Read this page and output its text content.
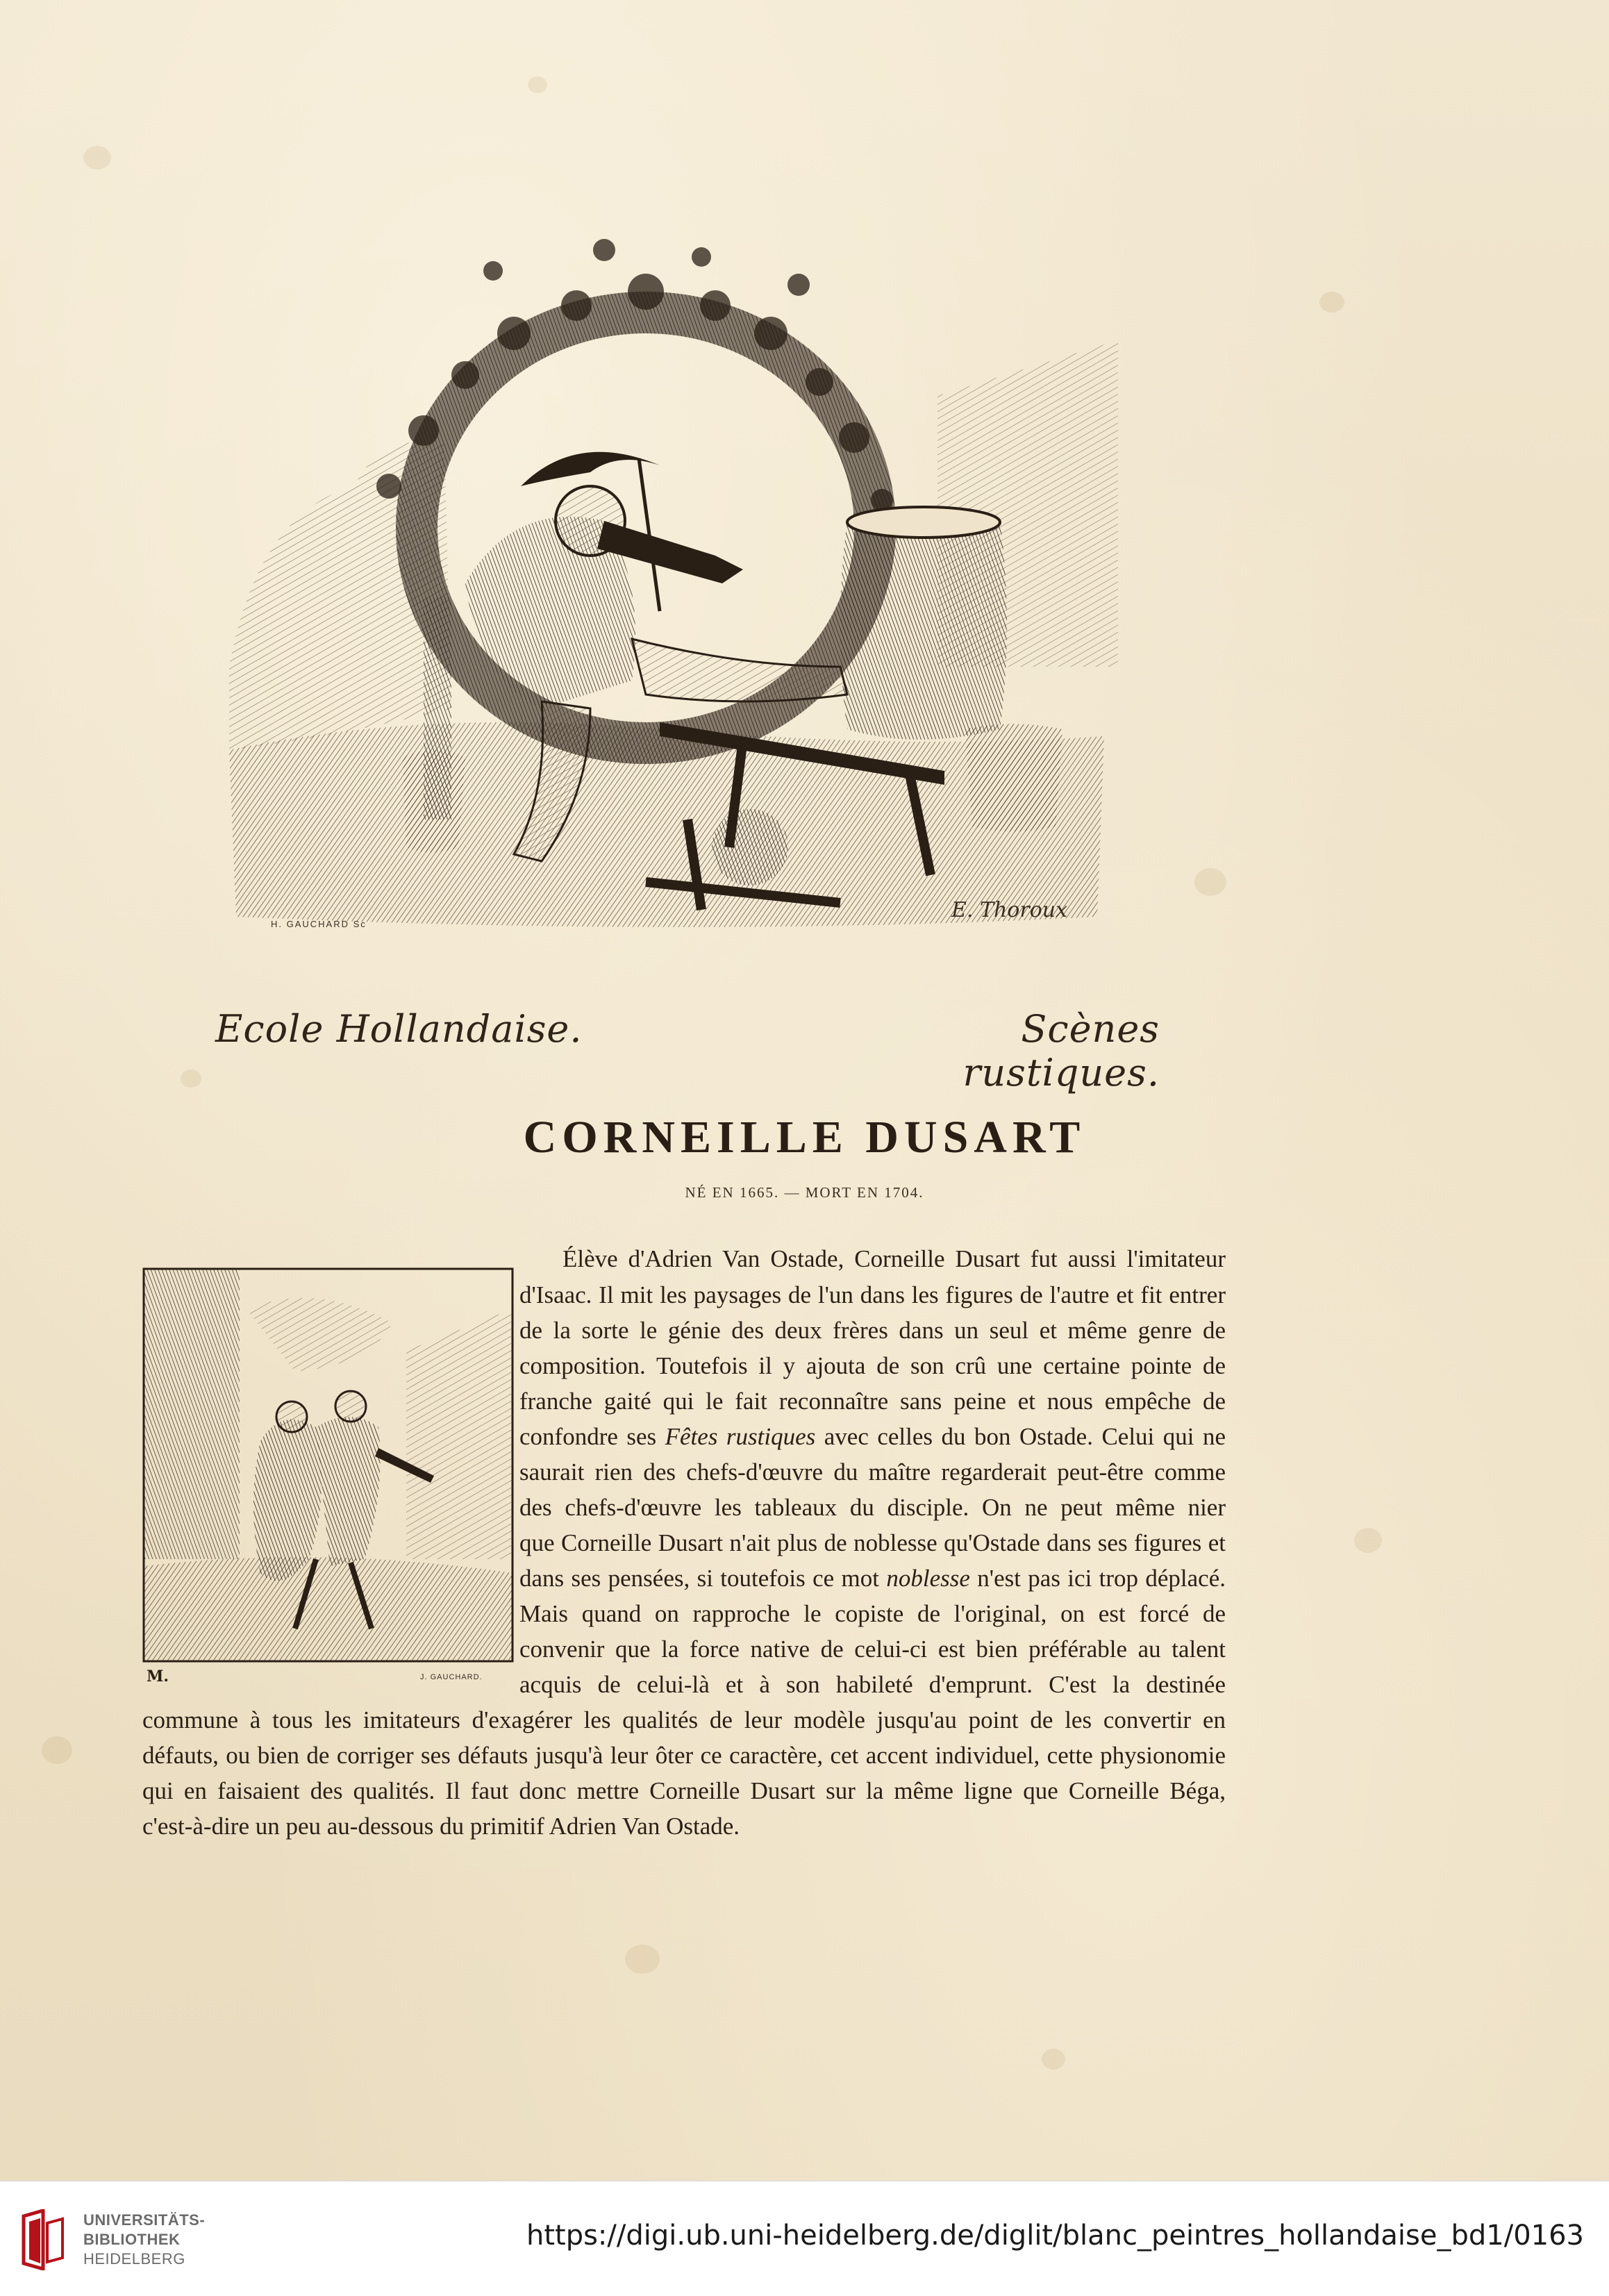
H. GAUCHARD Sc
E. Thoroux
Ecole Hollandaise.	Scènes rustiques.
CORNEILLE DUSART
NÉ EN 1665. — MORT EN 1704.
M.	J. GAUCHARD.
Élève d'Adrien Van Ostade, Corneille Dusart fut aussi l'imitateur
d'Isaac. Il mit les paysages de l'un dans les figures de l'autre et fit entrer
de la sorte le génie des deux frères dans un seul et même genre de
composition. Toutefois il y ajouta de son crû une certaine pointe de
franche gaité qui le fait reconnaître sans peine et nous empêche de
confondre ses Fêtes rustiques avec celles du bon Ostade. Celui qui ne
saurait rien des chefs-d'œuvre du maître regarderait peut-être comme
des chefs-d'œuvre les tableaux du disciple. On ne peut même nier
que Corneille Dusart n'ait plus de noblesse qu'Ostade dans ses figures et
dans ses pensées, si toutefois ce mot noblesse n'est pas ici trop déplacé.
Mais quand on rapproche le copiste de l'original, on est forcé de
convenir que la force native de celui-ci est bien préférable au talent
acquis de celui-là et à son habileté d'emprunt. C'est la destinée
commune à tous les imitateurs d'exagérer les qualités de leur modèle jusqu'au point de les convertir en
défauts, ou bien de corriger ses défauts jusqu'à leur ôter ce caractère, cet accent individuel, cette physionomie
qui en faisaient des qualités. Il faut donc mettre Corneille Dusart sur la même ligne que Corneille Béga,
c'est-à-dire un peu au-dessous du primitif Adrien Van Ostade.
UNIVERSITÄTS-
BIBLIOTHEK
HEIDELBERG
https://digi.ub.uni-heidelberg.de/diglit/blanc_peintres_hollandaise_bd1/0163
